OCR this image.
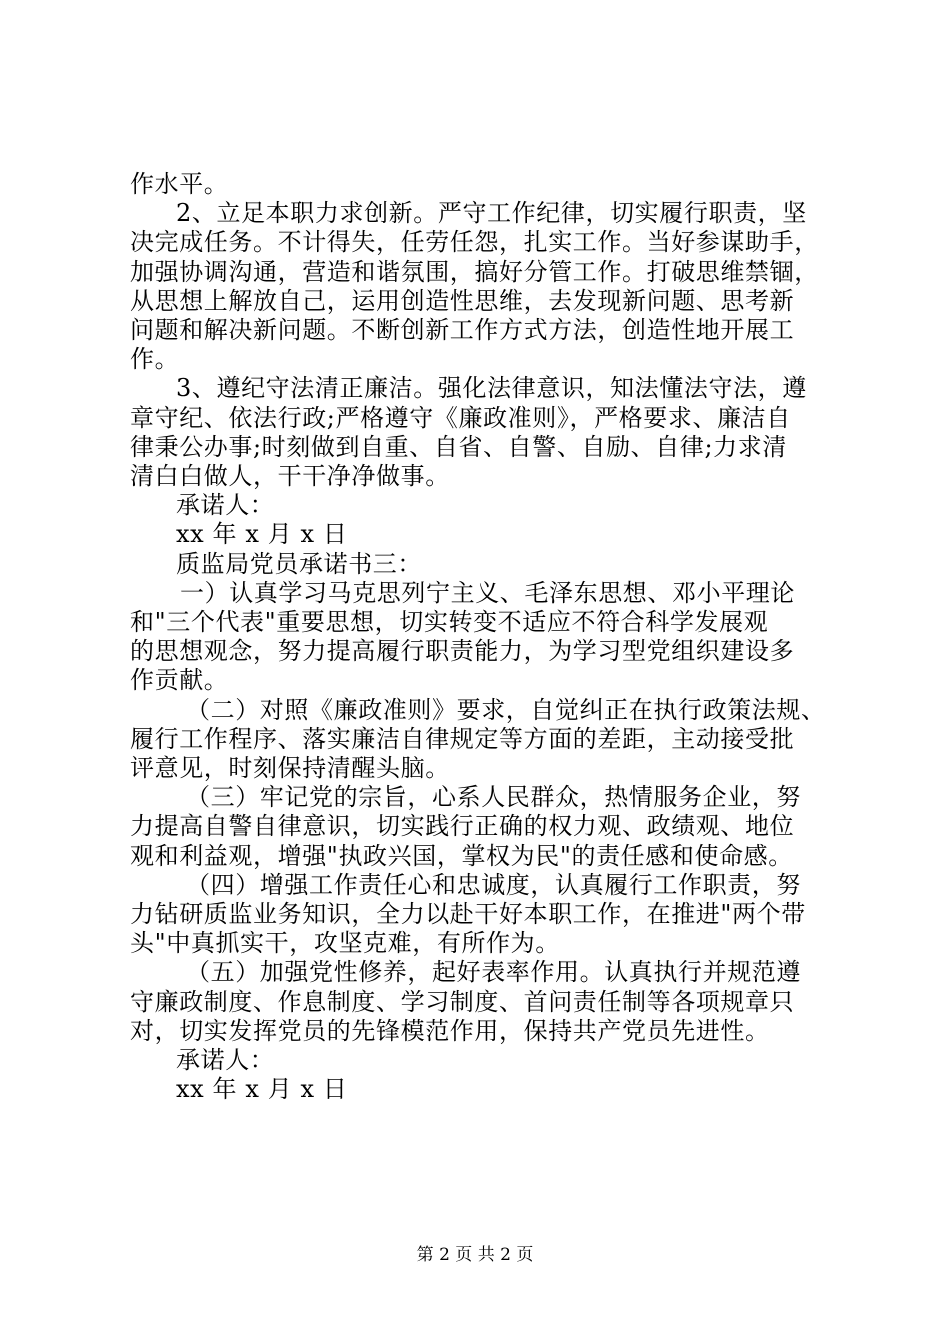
作水平。
2、立足本职力求创新。严守工作纪律，切实履行职责，坚
决完成任务。不计得失，任劳任怨，扎实工作。当好参谋助手，
加强协调沟通，营造和谐氛围，搞好分管工作。打破思维禁锢，
从思想上解放自己，运用创造性思维，去发现新问题、思考新
问题和解决新问题。不断创新工作方式方法，创造性地开展工
作。
3、遵纪守法清正廉洁。强化法律意识，知法懂法守法，遵
章守纪、依法行政;严格遵守《廉政准则》，严格要求、廉洁自
律秉公办事;时刻做到自重、自省、自警、自励、自律;力求清
清白白做人，干干净净做事。
承诺人：
xx 年 x 月 x 日
质监局党员承诺书三：
一）认真学习马克思列宁主义、毛泽东思想、邓小平理论
和"三个代表"重要思想，切实转变不适应不符合科学发展观
的思想观念，努力提高履行职责能力，为学习型党组织建设多
作贡献。
（二）对照《廉政准则》要求，自觉纠正在执行政策法规、
履行工作程序、落实廉洁自律规定等方面的差距，主动接受批
评意见，时刻保持清醒头脑。
（三）牢记党的宗旨，心系人民群众，热情服务企业，努
力提高自警自律意识，切实践行正确的权力观、政绩观、地位
观和利益观，增强"执政兴国，掌权为民"的责任感和使命感。
（四）增强工作责任心和忠诚度，认真履行工作职责，努
力钻研质监业务知识，全力以赴干好本职工作，在推进"两个带
头"中真抓实干，攻坚克难，有所作为。
（五）加强党性修养，起好表率作用。认真执行并规范遵
守廉政制度、作息制度、学习制度、首问责任制等各项规章只
对，切实发挥党员的先锋模范作用，保持共产党员先进性。
承诺人：
xx 年 x 月 x 日
第 2 页 共 2 页
